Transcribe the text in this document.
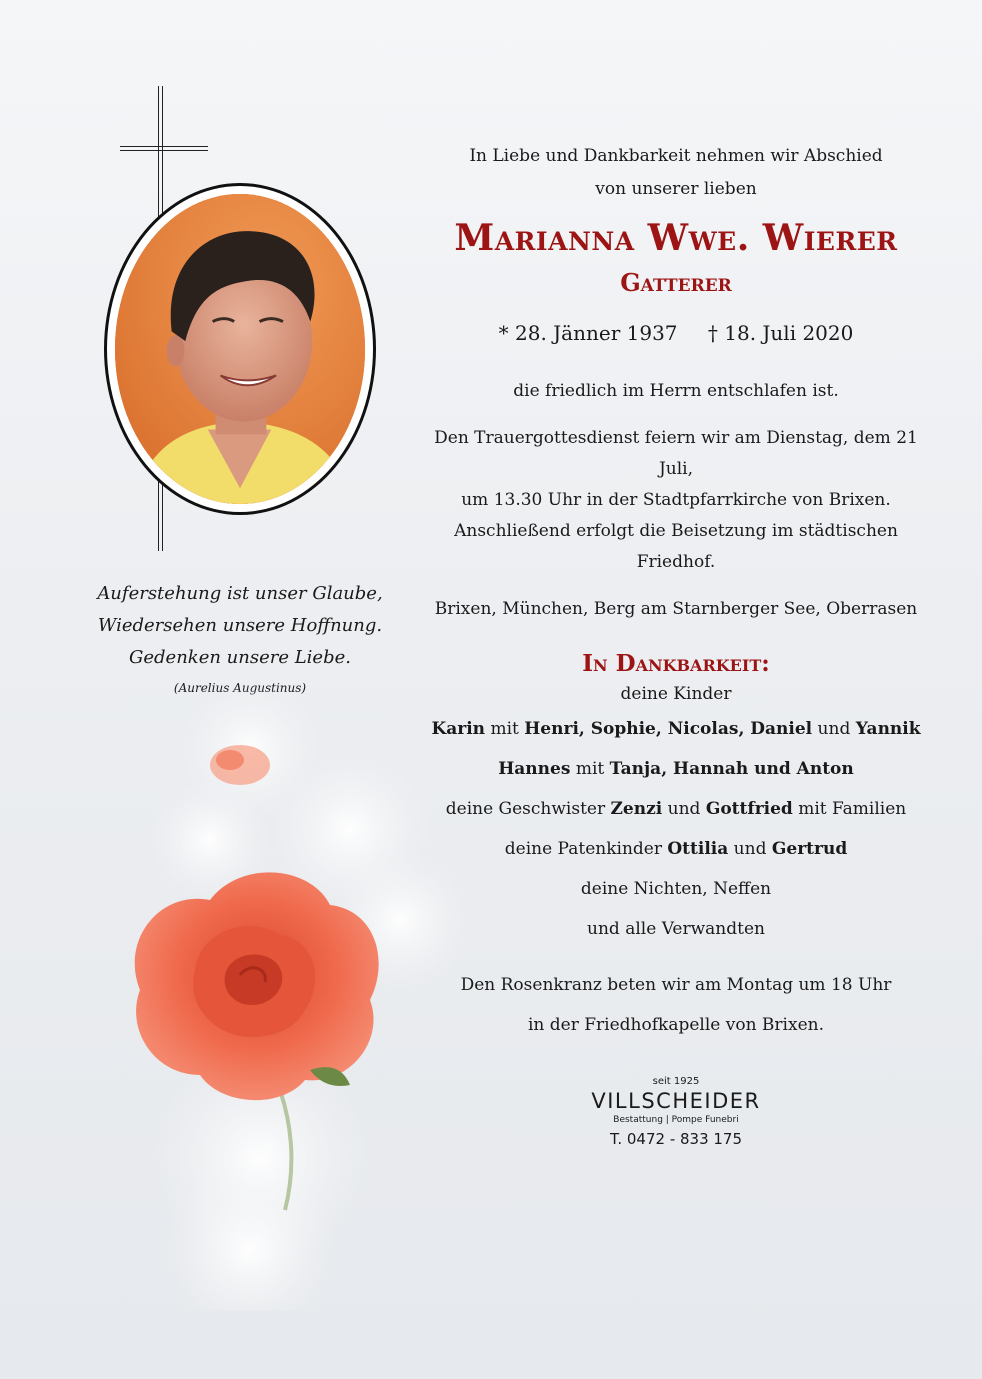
Auferstehung ist unser Glaube,
Wiedersehen unsere Hoffnung.
Gedenken unsere Liebe.
(Aurelius Augustinus)
In Liebe und Dankbarkeit nehmen wir Abschied
von unserer lieben
Marianna Wwe. Wierer
Gatterer
* 28. Jänner 1937 † 18. Juli 2020
die friedlich im Herrn entschlafen ist.
Den Trauergottesdienst feiern wir am Dienstag, dem 21 Juli,
um 13.30 Uhr in der Stadtpfarrkirche von Brixen.
Anschließend erfolgt die Beisetzung im städtischen Friedhof.
Brixen, München, Berg am Starnberger See, Oberrasen
In Dankbarkeit:
deine Kinder
Karin mit Henri, Sophie, Nicolas, Daniel und Yannik
Hannes mit Tanja, Hannah und Anton
deine Geschwister Zenzi und Gottfried mit Familien
deine Patenkinder Ottilia und Gertrud
deine Nichten, Neffen
und alle Verwandten
Den Rosenkranz beten wir am Montag um 18 Uhr
in der Friedhofkapelle von Brixen.
seit 1925
VILLSCHEIDER
Bestattung | Pompe Funebri
T. 0472 - 833 175
